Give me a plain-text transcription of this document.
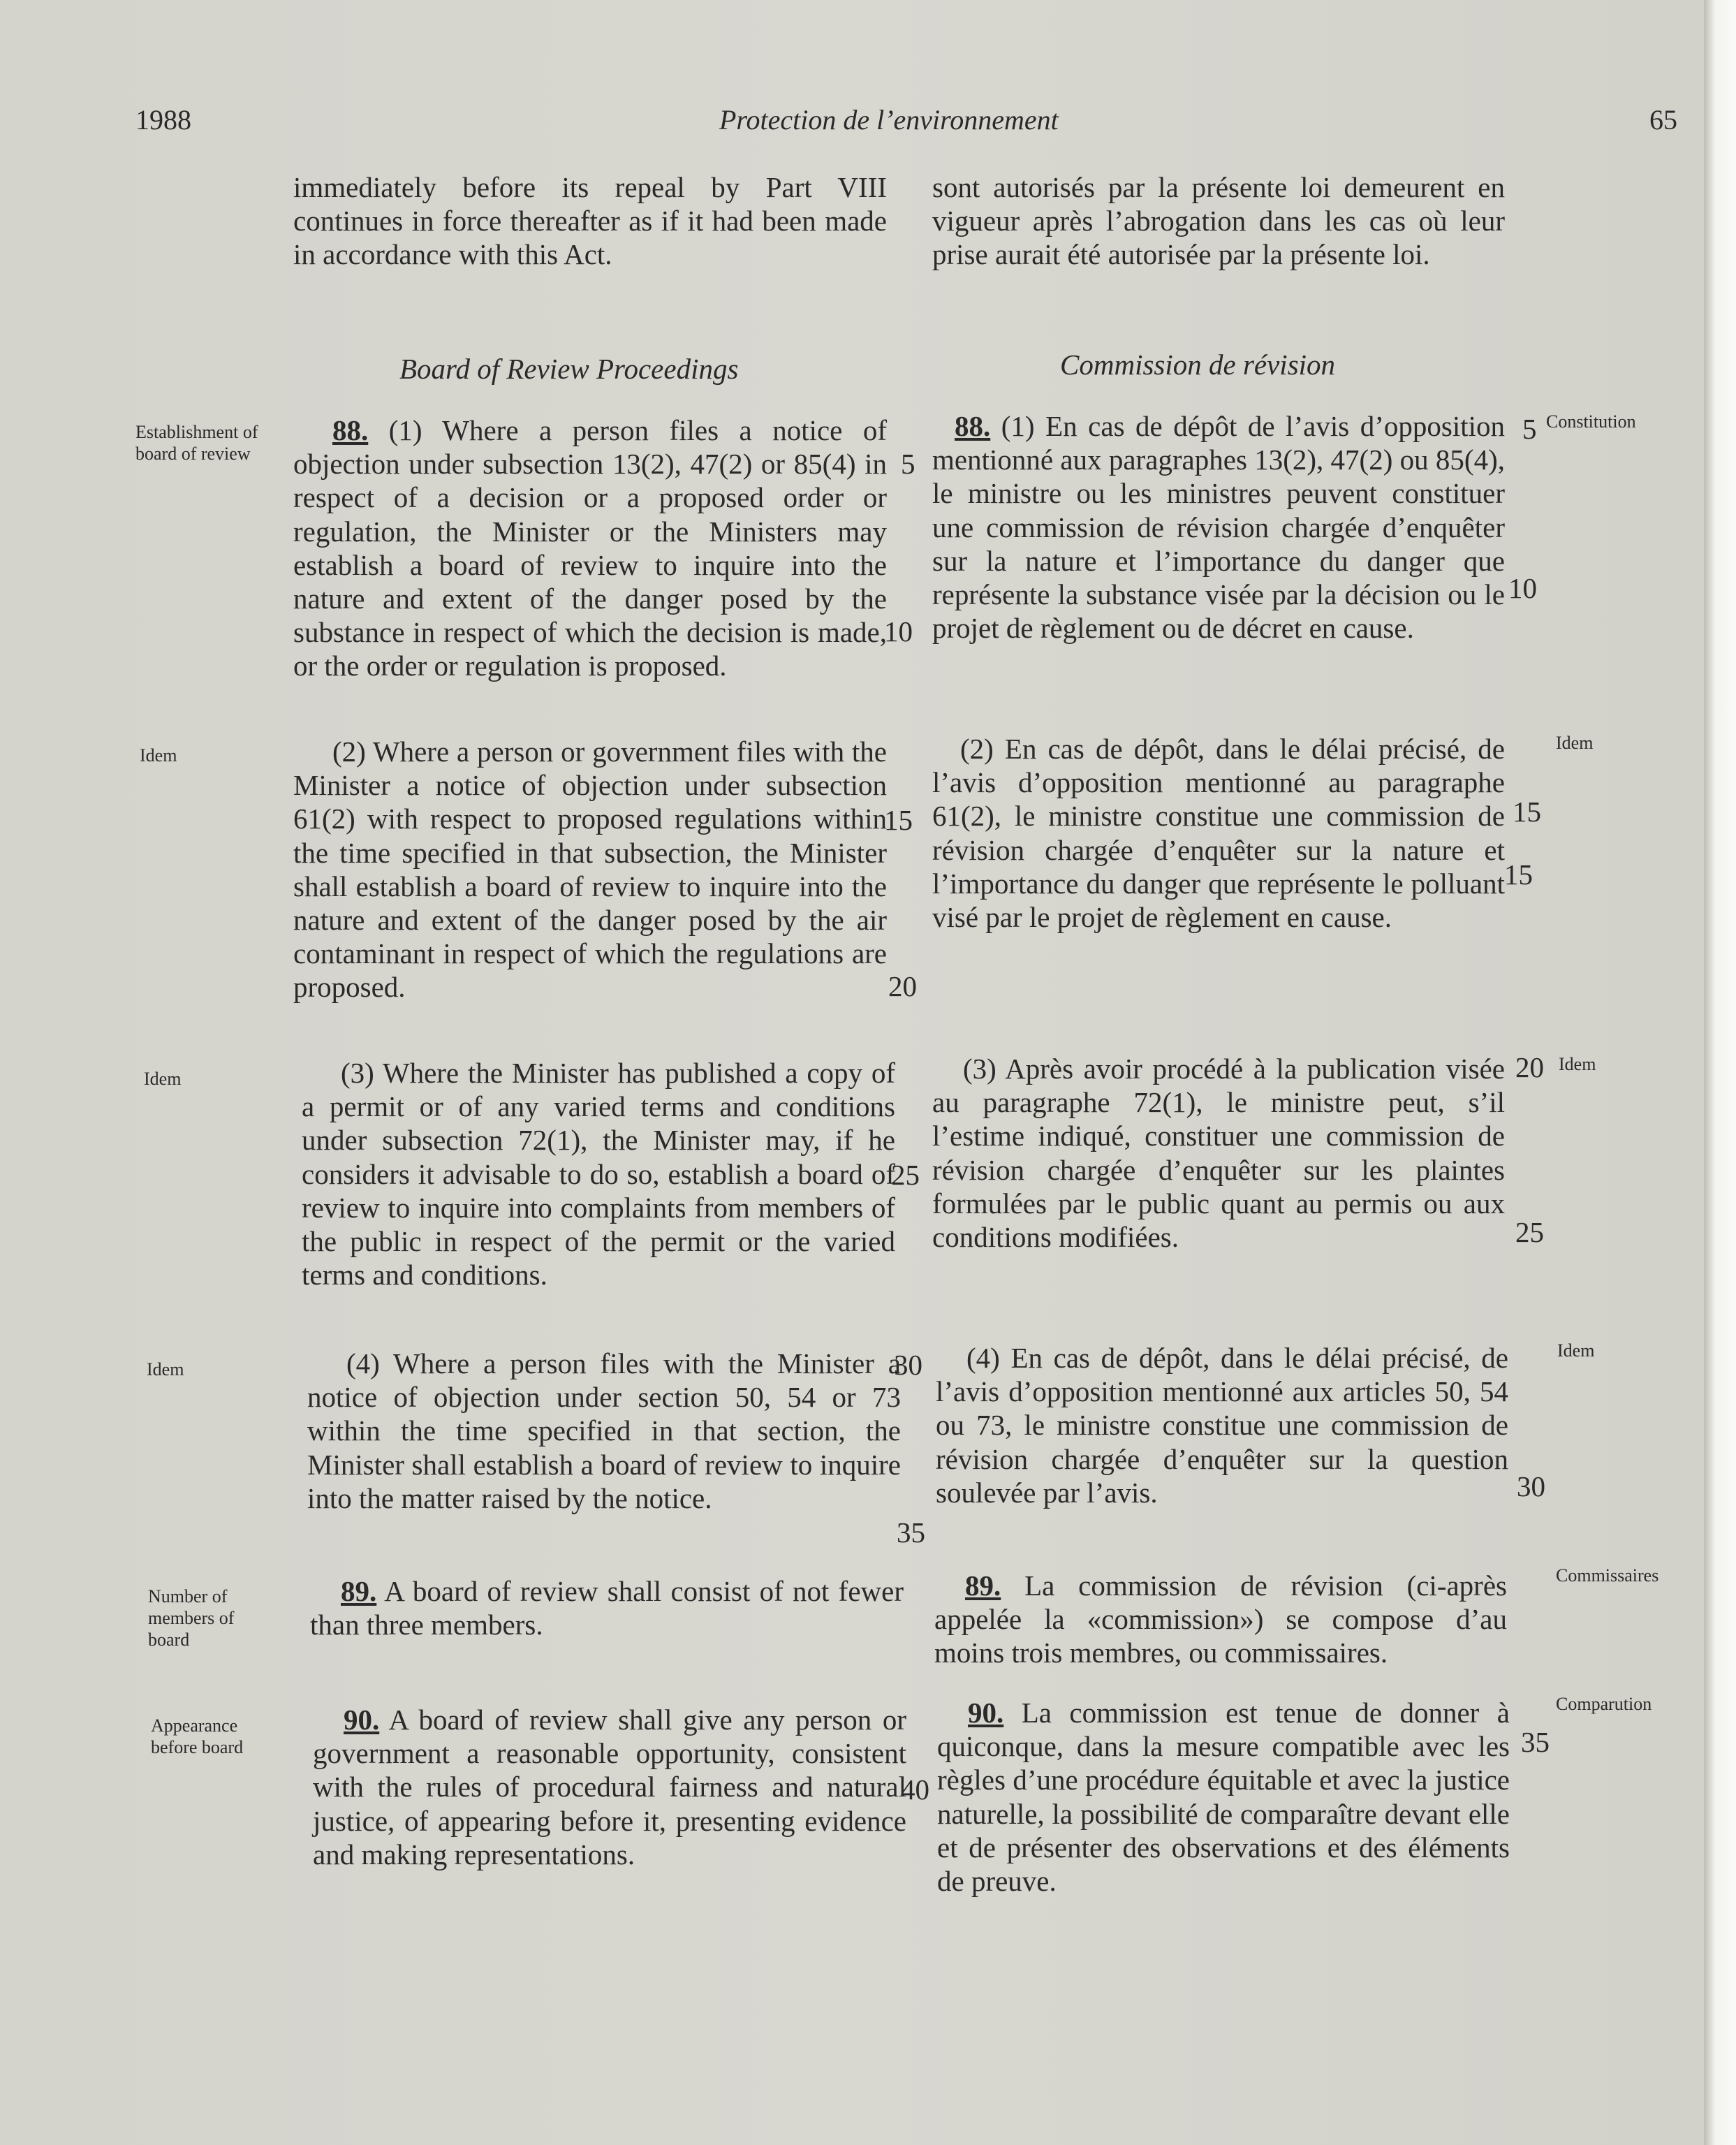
1988	Protection de l’environnement	65
immediately before its repeal by Part VIII continues in force thereafter as if it had been made in accordance with this Act.
sont autorisés par la présente loi demeurent en vigueur après l’abrogation dans les cas où leur prise aurait été autorisée par la présente loi.
Board of Review Proceedings	Commission de révision
Establishment of board of review
Idem
Idem
Idem
Number of members of board
Appearance before board
Constitution
Idem
Idem
Idem
Commissaires
Comparution
88. (1) Where a person files a notice of objection under subsection 13(2), 47(2) or 85(4) in respect of a decision or a proposed order or regulation, the Minister or the Ministers may establish a board of review to inquire into the nature and extent of the danger posed by the substance in respect of which the decision is made, or the order or regulation is proposed.
(2) Where a person or government files with the Minister a notice of objection under subsection 61(2) with respect to proposed regulations within the time specified in that subsection, the Minister shall establish a board of review to inquire into the nature and extent of the danger posed by the air contaminant in respect of which the regulations are proposed.
(3) Where the Minister has published a copy of a permit or of any varied terms and conditions under subsection 72(1), the Minister may, if he considers it advisable to do so, establish a board of review to inquire into complaints from members of the public in respect of the permit or the varied terms and conditions.
(4) Where a person files with the Minister a notice of objection under section 50, 54 or 73 within the time specified in that section, the Minister shall establish a board of review to inquire into the matter raised by the notice.
89. A board of review shall consist of not fewer than three members.
90. A board of review shall give any person or government a reasonable opportunity, consistent with the rules of procedural fairness and natural justice, of appearing before it, presenting evidence and making representations.
88. (1) En cas de dépôt de l’avis d’opposition mentionné aux paragraphes 13(2), 47(2) ou 85(4), le ministre ou les ministres peuvent constituer une commission de révision chargée d’enquêter sur la nature et l’importance du danger que représente la substance visée par la décision ou le projet de règlement ou de décret en cause.
(2) En cas de dépôt, dans le délai précisé, de l’avis d’opposition mentionné au paragraphe 61(2), le ministre constitue une commission de révision chargée d’enquêter sur la nature et l’importance du danger que représente le polluant visé par le projet de règlement en cause.
(3) Après avoir procédé à la publication visée au paragraphe 72(1), le ministre peut, s’il l’estime indiqué, constituer une commission de révision chargée d’enquêter sur les plaintes formulées par le public quant au permis ou aux conditions modifiées.
(4) En cas de dépôt, dans le délai précisé, de l’avis d’opposition mentionné aux articles 50, 54 ou 73, le ministre constitue une commission de révision chargée d’enquêter sur la question soulevée par l’avis.
89. La commission de révision (ci-après appelée la «commission») se compose d’au moins trois membres, ou commissaires.
90. La commission est tenue de donner à quiconque, dans la mesure compatible avec les règles d’une procédure équitable et avec la justice naturelle, la possibilité de comparaître devant elle et de présenter des observations et des éléments de preuve.
5
10
15
20
25
30
35
40
5
10
15
15
20
25
30
35
